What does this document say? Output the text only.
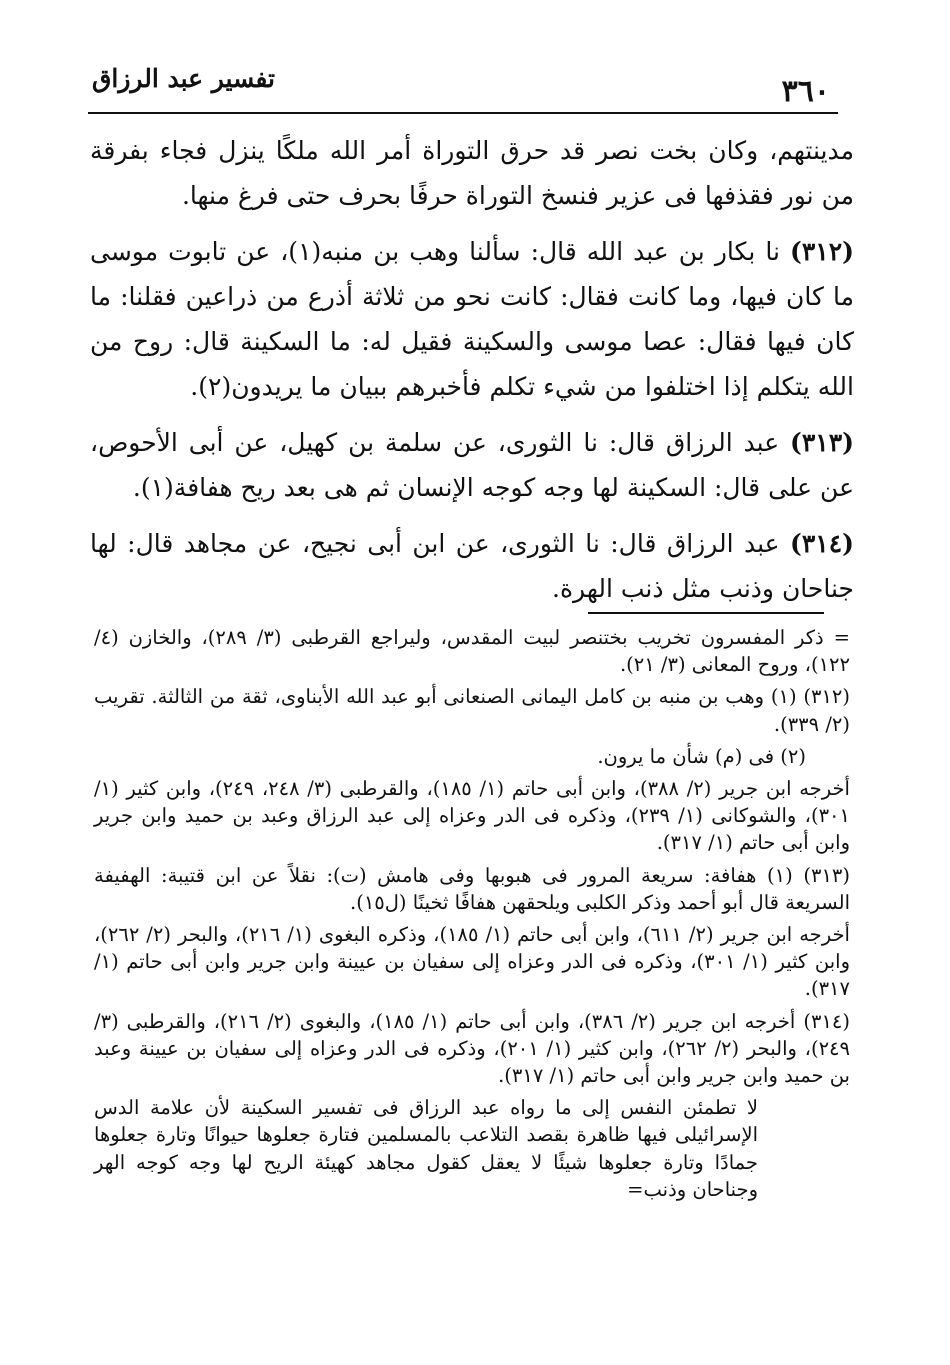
٣٦٠
تفسير عبد الرزاق

مدينتهم، وكان بخت نصر قد حرق التوراة أمر الله ملكًا ينزل فجاء بفرقة من نور فقذفها فى عزير فنسخ التوراة حرفًا بحرف حتى فرغ منها.

(٣١٢) نا بكار بن عبد الله قال: سألنا وهب بن منبه(١)، عن تابوت موسى ما كان فيها، وما كانت فقال: كانت نحو من ثلاثة أذرع من ذراعين فقلنا: ما كان فيها فقال: عصا موسى والسكينة فقيل له: ما السكينة قال: روح من الله يتكلم إذا اختلفوا من شيء تكلم فأخبرهم ببيان ما يريدون(٢).

(٣١٣) عبد الرزاق قال: نا الثورى، عن سلمة بن كهيل، عن أبى الأحوص، عن على قال: السكينة لها وجه كوجه الإنسان ثم هى بعد ريح هفافة(١).

(٣١٤) عبد الرزاق قال: نا الثورى، عن ابن أبى نجيح، عن مجاهد قال: لها جناحان وذنب مثل ذنب الهرة.

= ذكر المفسرون تخريب بختنصر لبيت المقدس، وليراجع القرطبى (٣/ ٢٨٩)، والخازن (٤/ ١٢٢)، وروح المعانى (٣/ ٢١).

(٣١٢) (١) وهب بن منبه بن كامل اليمانى الصنعانى أبو عبد الله الأبناوى، ثقة من الثالثة. تقريب (٢/ ٣٣٩).

(٢) فى (م) شأن ما يرون.

أخرجه ابن جرير (٢/ ٣٨٨)، وابن أبى حاتم (١/ ١٨٥)، والقرطبى (٣/ ٢٤٨، ٢٤٩)، وابن كثير (١/ ٣٠١)، والشوكانى (١/ ٢٣٩)، وذكره فى الدر وعزاه إلى عبد الرزاق وعبد بن حميد وابن جرير وابن أبى حاتم (١/ ٣١٧).

(٣١٣) (١) هفافة: سريعة المرور فى هبوبها وفى هامش (ت): نقلاً عن ابن قتيبة: الهفيفة السريعة قال أبو أحمد وذكر الكلبى ويلحقهن هفافًا ثخينًا (ل١٥).

أخرجه ابن جرير (٢/ ٦١١)، وابن أبى حاتم (١/ ١٨٥)، وذكره البغوى (١/ ٢١٦)، والبحر (٢/ ٢٦٢)، وابن كثير (١/ ٣٠١)، وذكره فى الدر وعزاه إلى سفيان بن عيينة وابن جرير وابن أبى حاتم (١/ ٣١٧).

(٣١٤) أخرجه ابن جرير (٢/ ٣٨٦)، وابن أبى حاتم (١/ ١٨٥)، والبغوى (٢/ ٢١٦)، والقرطبى (٣/ ٢٤٩)، والبحر (٢/ ٢٦٢)، وابن كثير (١/ ٢٠١)، وذكره فى الدر وعزاه إلى سفيان بن عيينة وعبد بن حميد وابن جرير وابن أبى حاتم (١/ ٣١٧).

لا تطمئن النفس إلى ما رواه عبد الرزاق فى تفسير السكينة لأن علامة الدس الإسرائيلى فيها ظاهرة بقصد التلاعب بالمسلمين فتارة جعلوها حيوانًا وتارة جعلوها جمادًا وتارة جعلوها شيئًا لا يعقل كقول مجاهد كهيئة الريح لها وجه كوجه الهر وجناحان وذنب=
